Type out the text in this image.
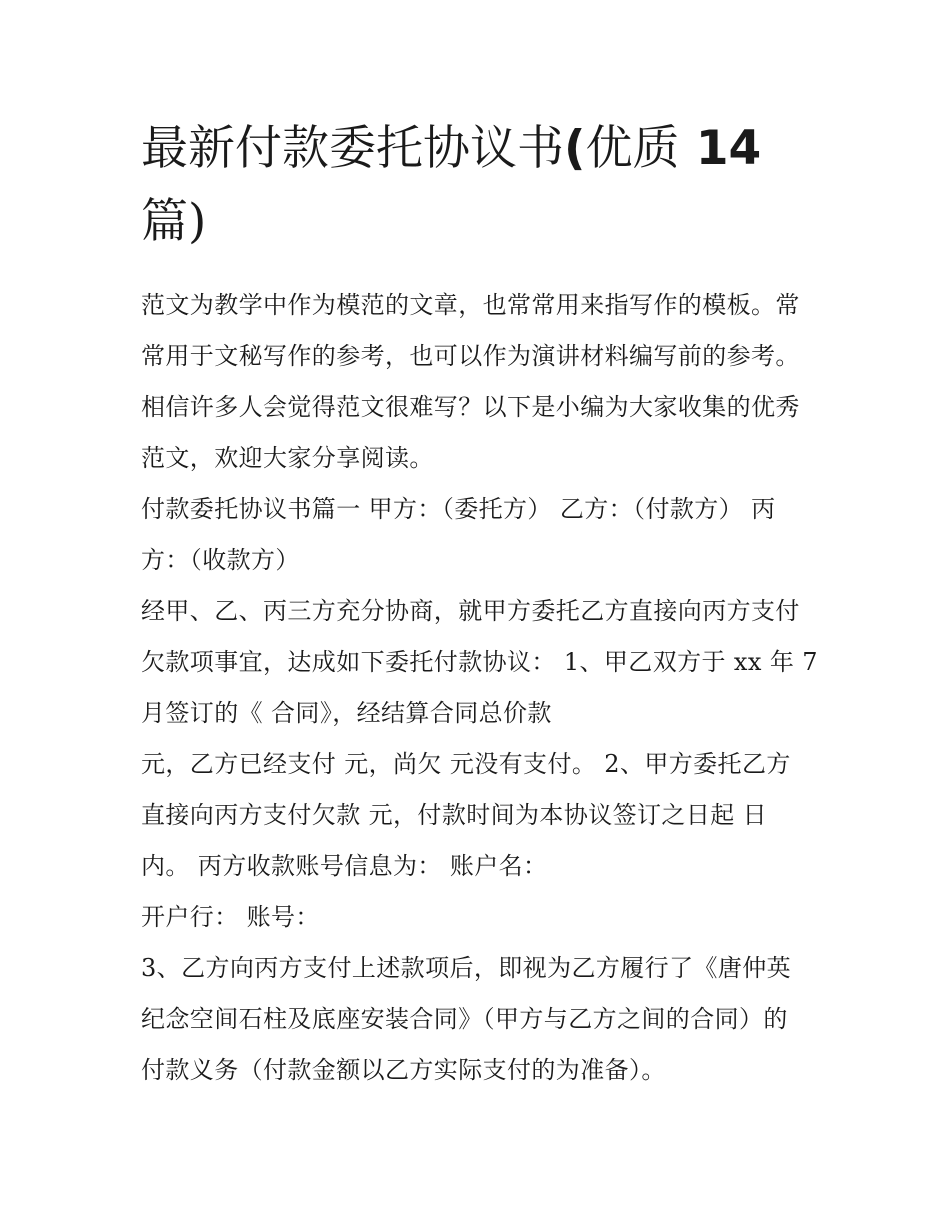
最新付款委托协议书(优质 14
篇)

范文为教学中作为模范的文章，也常常用来指写作的模板。常
常用于文秘写作的参考，也可以作为演讲材料编写前的参考。
相信许多人会觉得范文很难写？以下是小编为大家收集的优秀
范文，欢迎大家分享阅读。

付款委托协议书篇一 甲方：（委托方） 乙方：（付款方） 丙
方：（收款方）

经甲、乙、丙三方充分协商，就甲方委托乙方直接向丙方支付
欠款项事宜，达成如下委托付款协议： 1、甲乙双方于 xx 年 7
月签订的《 合同》，经结算合同总价款

元，乙方已经支付 元，尚欠 元没有支付。 2、甲方委托乙方
直接向丙方支付欠款 元，付款时间为本协议签订之日起 日
内。 丙方收款账号信息为： 账户名：

开户行： 账号：

3、乙方向丙方支付上述款项后，即视为乙方履行了《唐仲英
纪念空间石柱及底座安装合同》（甲方与乙方之间的合同）的
付款义务（付款金额以乙方实际支付的为准备）。
